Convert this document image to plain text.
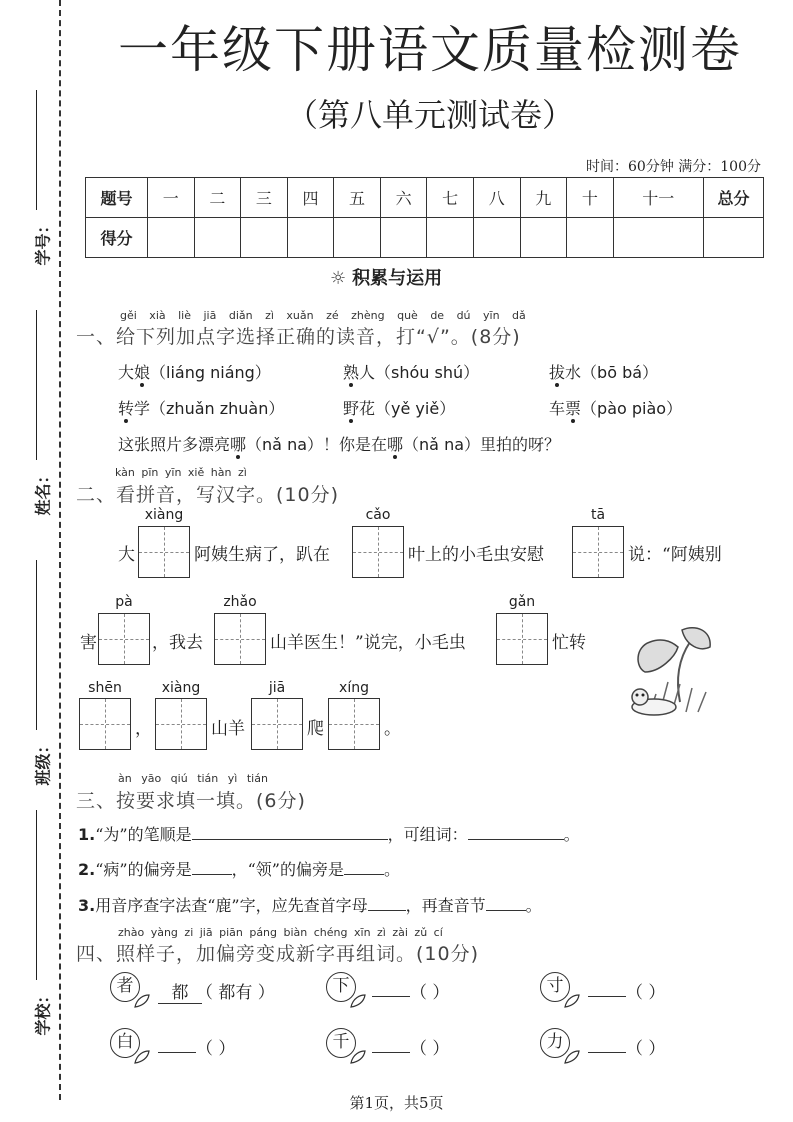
学号：
姓名：
班级：
学校：
一年级下册语文质量检测卷
（第八单元测试卷）
时间：60分钟 满分：100分
题号	一	二	三	四	五	六	七	八	九	十	十一	总分
得分												
☼ 积累与运用
gěi xià liè jiā diǎn zì xuǎn zé zhèng què de dú yīn dǎ
一、给下列加点字选择正确的读音，打“√”。(8分)
大娘（liáng niáng）	熟人（shóu shú）	拔水（bō bá）
转学（zhuǎn zhuàn）	野花（yě yiě）	车票（pào piào）
这张照片多漂亮哪（nǎ na）！你是在哪（nǎ na）里拍的呀？
kàn pīn yīn xiě hàn zì
二、看拼音，写汉字。(10分)
大
xiàng
阿姨生病了，趴在
cǎo
叶上的小毛虫安慰
tā
说：“阿姨别
害
pà
，我去
zhǎo
山羊医生！”说完，小毛虫
gǎn
忙转
shēn
，
xiàng
山羊
jiā
爬
xíng
。
àn yāo qiú tián yì tián
三、按要求填一填。(6分)
1.“为”的笔顺是	，可组词：	。
2.“病”的偏旁是	，“领”的偏旁是	。
3.用音序查字法查“鹿”字，应先查首字母 ，再查音节	。
zhào yàng zi jiā piān páng biàn chéng xīn zì zài zǔ cí
四、照样子，加偏旁变成新字再组词。(10分)
者	都 （ 都有 ）	下	（ ）	寸	（ ）
白	（ ）	千	（ ）	力	（ ）
第1页，共5页
